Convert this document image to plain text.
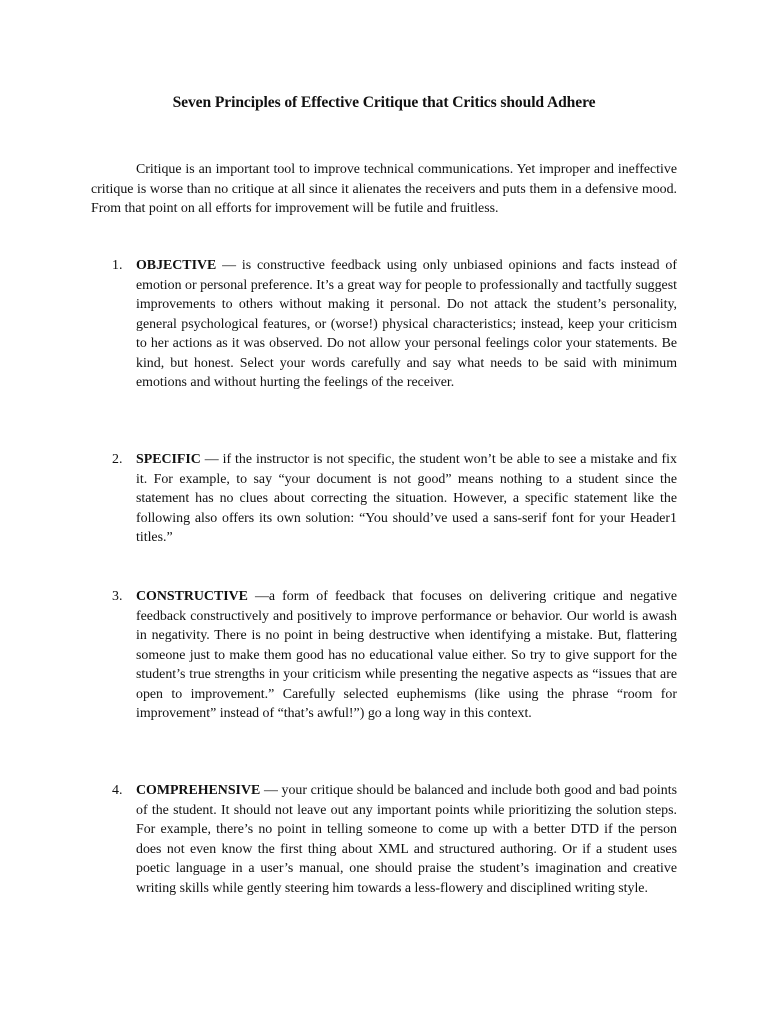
Seven Principles of Effective Critique that Critics should Adhere
Critique is an important tool to improve technical communications. Yet improper and ineffective critique is worse than no critique at all since it alienates the receivers and puts them in a defensive mood. From that point on all efforts for improvement will be futile and fruitless.
1. OBJECTIVE — is constructive feedback using only unbiased opinions and facts instead of emotion or personal preference. It’s a great way for people to professionally and tactfully suggest improvements to others without making it personal. Do not attack the student’s personality, general psychological features, or (worse!) physical characteristics; instead, keep your criticism to her actions as it was observed. Do not allow your personal feelings color your statements. Be kind, but honest. Select your words carefully and say what needs to be said with minimum emotions and without hurting the feelings of the receiver.
2. SPECIFIC — if the instructor is not specific, the student won’t be able to see a mistake and fix it. For example, to say “your document is not good” means nothing to a student since the statement has no clues about correcting the situation. However, a specific statement like the following also offers its own solution: “You should’ve used a sans-serif font for your Header1 titles.”
3. CONSTRUCTIVE —a form of feedback that focuses on delivering critique and negative feedback constructively and positively to improve performance or behavior. Our world is awash in negativity. There is no point in being destructive when identifying a mistake. But, flattering someone just to make them good has no educational value either. So try to give support for the student’s true strengths in your criticism while presenting the negative aspects as “issues that are open to improvement.” Carefully selected euphemisms (like using the phrase “room for improvement” instead of “that’s awful!”) go a long way in this context.
4. COMPREHENSIVE — your critique should be balanced and include both good and bad points of the student. It should not leave out any important points while prioritizing the solution steps. For example, there’s no point in telling someone to come up with a better DTD if the person does not even know the first thing about XML and structured authoring. Or if a student uses poetic language in a user’s manual, one should praise the student’s imagination and creative writing skills while gently steering him towards a less-flowery and disciplined writing style.
